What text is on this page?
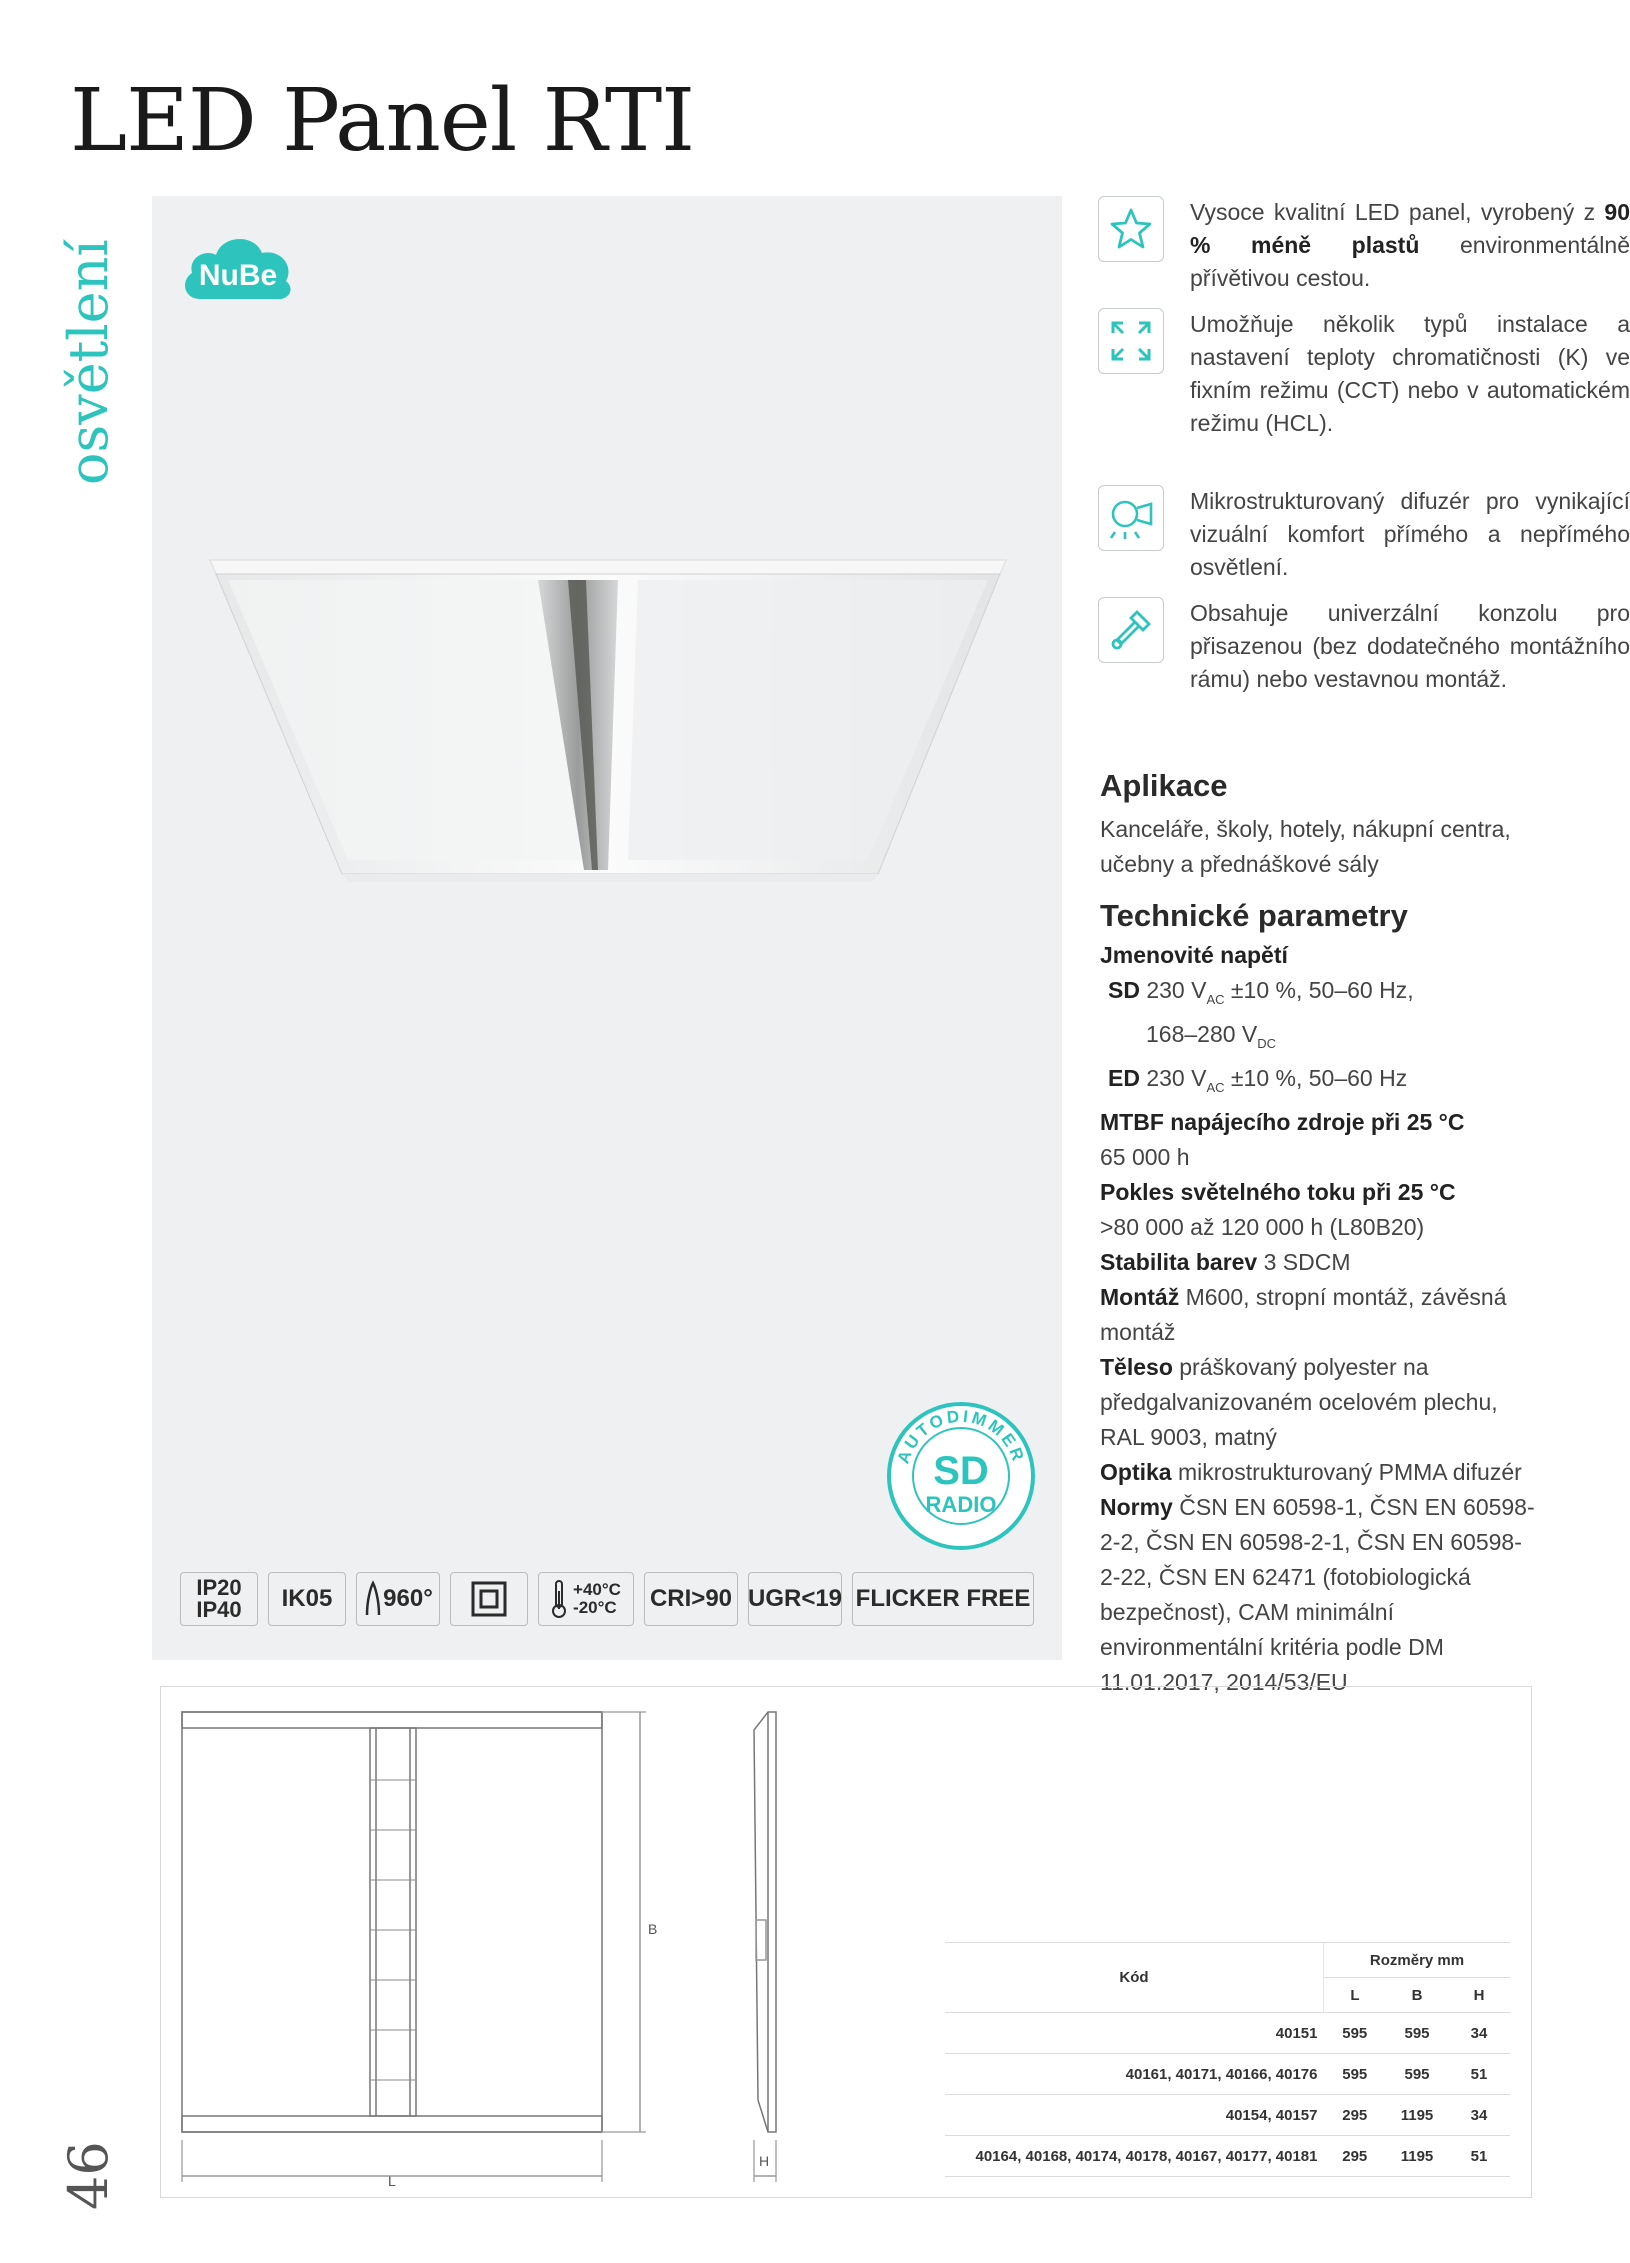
LED Panel RTI
osvětlení
46
NuBe
AUTODIMMER
SD
RADIO
IP20
IP40 IK05 960°	+40°C
-20°C CRI>90 UGR<19 FLICKER FREE
Vysoce kvalitní LED panel, vyrobený z 90 % méně plastů environmentálně přívětivou cestou.
Umožňuje několik typů instalace a nastavení teploty chromatičnosti (K) ve fixním režimu (CCT) nebo v automatickém režimu (HCL).
Mikrostrukturovaný difuzér pro vynikající vizuální komfort přímého a nepřímého osvětlení.
Obsahuje univerzální konzolu pro přisazenou (bez dodatečného montážního rámu) nebo vestavnou montáž.
Aplikace
Kanceláře, školy, hotely, nákupní centra, učebny a přednáškové sály
Technické parametry
Jmenovité napětí
SD 230 $V_{AC} \pm 10$ %, 50–60 Hz,
168–280 $V_{DC}$
ED 230 $V_{AC} \pm 10$ %, 50–60 Hz
MTBF napájecího zdroje při 25 °C
65 000 h
Pokles světelného toku při 25 °C
>80 000 až 120 000 h (L80B20)
Stabilita barev 3 SDCM
Montáž M600, stropní montáž, závěsná montáž
Těleso práškovaný polyester na předgalvanizovaném ocelovém plechu, RAL 9003, matný
Optika mikrostrukturovaný PMMA difuzér
Normy ČSN EN 60598-1, ČSN EN 60598-2-2, ČSN EN 60598-2-1, ČSN EN 60598-2-22, ČSN EN 62471 (fotobiologická bezpečnost), CAM minimální environmentální kritéria podle DM 11.01.2017, 2014/53/EU
B
L
H
Kód	Rozměry mm		
	L	B	H
40151	595	595	34
40161, 40171, 40166, 40176	595	595	51
40154, 40157	295	1195	34
40164, 40168, 40174, 40178, 40167, 40177, 40181	295	1195	51
